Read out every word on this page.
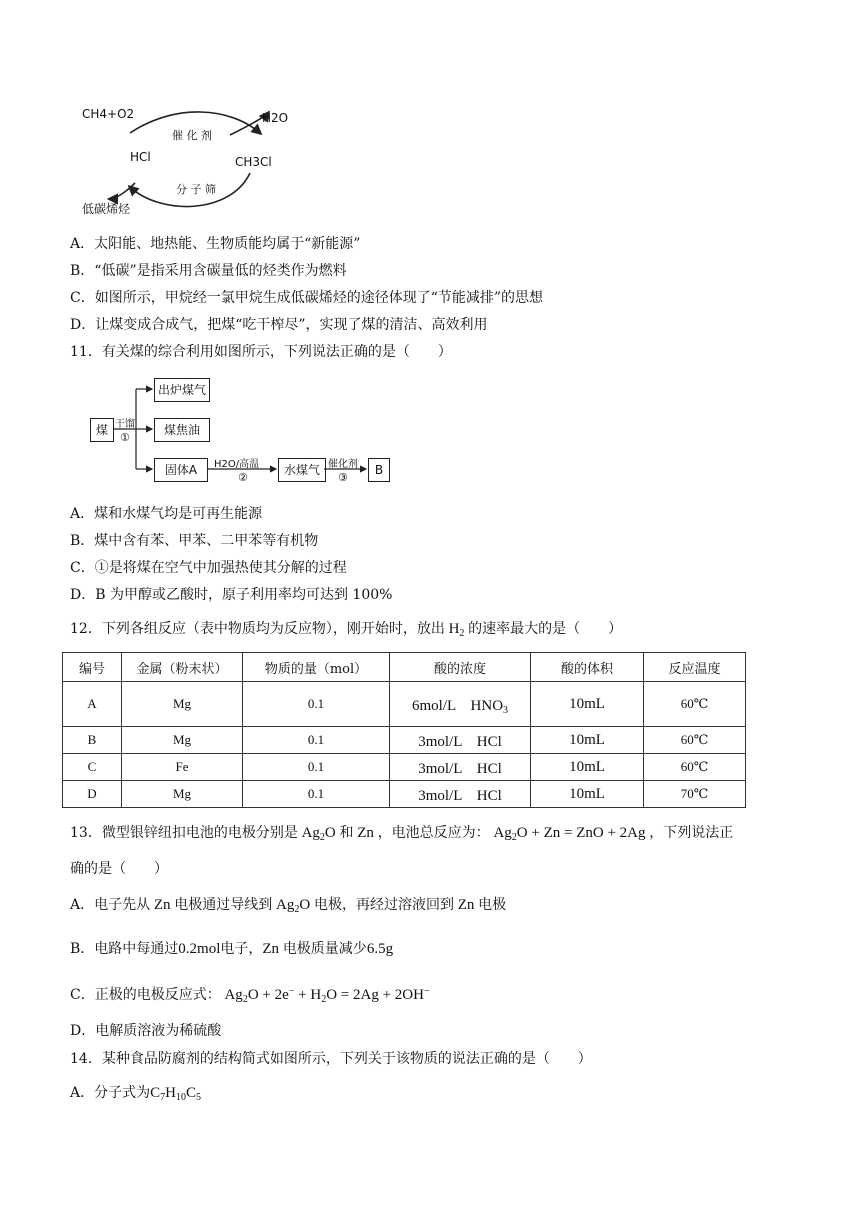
CH4+O2	H2O
HCl	CH3Cl
催 化 剂
分 子 筛
低碳烯烃
A．太阳能、地热能、生物质能均属于“新能源”
B．“低碳”是指采用含碳量低的烃类作为燃料
C．如图所示，甲烷经一氯甲烷生成低碳烯烃的途径体现了“节能减排”的思想
D．让煤变成合成气，把煤“吃干榨尽”，实现了煤的清洁、高效利用
11．有关煤的综合利用如图所示，下列说法正确的是（　　）
煤 干馏
①
出炉煤气
煤焦油
固体A	H2O/高温
②
水煤气 催化剂
③
B
A．煤和水煤气均是可再生能源
B．煤中含有苯、甲苯、二甲苯等有机物
C．①是将煤在空气中加强热使其分解的过程
D．B 为甲醇或乙酸时，原子利用率均可达到 100%
12．下列各组反应（表中物质均为反应物），刚开始时，放出 $H_2$ 的速率最大的是（　　）
编号	金属（粉末状）	物质的量（mol）	酸的浓度	酸的体积	反应温度
A	Mg	0.1	6mol/L　$HNO_3$	10mL	60℃
B	Mg	0.1	3mol/L　HCl	10mL	60℃
C	Fe	0.1	3mol/L　HCl	10mL	60℃
D	Mg	0.1	3mol/L　HCl	10mL	70℃
13．微型银锌纽扣电池的电极分别是 $Ag_2O$ 和 Zn ，电池总反应为： $Ag_2O + Zn$ = ZnO + 2Ag ，下列说法正
确的是（　　）
A．电子先从 Zn 电极通过导线到 $Ag_2O$ 电极，再经过溶液回到 Zn 电极
B．电路中每通过0.2mol电子，Zn 电极质量减少6.5g
C．正极的电极反应式： $Ag_2O + 2e^- + H_2O = 2Ag + 2OH^-$
D．电解质溶液为稀硫酸
14．某种食品防腐剂的结构简式如图所示，下列关于该物质的说法正确的是（　　）
A．分子式为$C_7H_{10}C_5$
